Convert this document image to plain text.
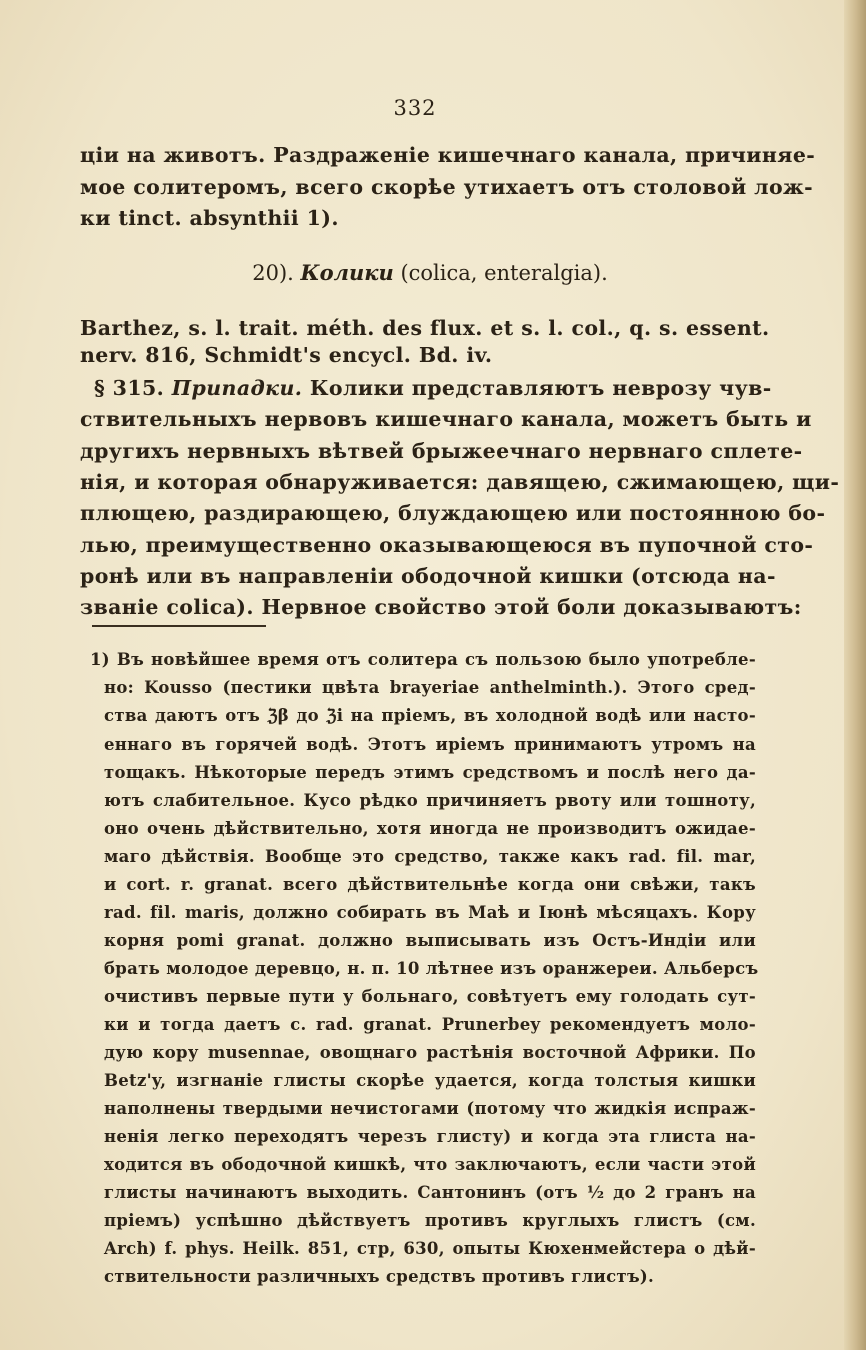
332
ціи на животъ. Раздраженіе кишечнаго канала, причиняе-
мое солитеромъ, всего скорѣе утихаетъ отъ столовой лож-
ки tinct. absynthii 1).
20). Колики (colica, enteralgia).
Barthez, s. l. trait. méth. des flux. et s. l. col., q. s. essent.
nerv. 816, Schmidt's encycl. Bd. iv.
§ 315. Припадки. Колики представляютъ неврозу чув-
ствительныхъ нервовъ кишечнаго канала, можетъ быть и
другихъ нервныхъ вѣтвей брыжеечнаго нервнаго сплете-
нія, и которая обнаруживается: давящею, сжимающею, щи-
плющею, раздирающею, блуждающею или постоянною бо-
лью, преимущественно оказывающеюся въ пупочной сто-
ронѣ или въ направленіи ободочной кишки (отсюда на-
званіе colica). Нервное свойство этой боли доказываютъ:
1) Въ новѣйшее время отъ солитера съ пользою было употребле-
но: Kousso (пестики цвѣта brayeriae anthelminth.). Этого сред-
ства даютъ отъ ℨβ до ℨi на пріемъ, въ холодной водѣ или насто-
еннаго въ горячей водѣ. Этотъ иріемъ принимаютъ утромъ на
тощакъ. Нѣкоторые передъ этимъ средствомъ и послѣ него да-
ютъ слабительное. Кусо рѣдко причиняетъ рвоту или тошноту,
оно очень дѣйствительно, хотя иногда не производитъ ожидае-
маго дѣйствія. Вообще это средство, также какъ rad. fil. mar,
и cort. r. granat. всего дѣйствительнѣе когда они свѣжи, такъ
rad. fil. maris, должно собирать въ Маѣ и Іюнѣ мѣсяцахъ. Кору
корня pomi granat. должно выписывать изъ Остъ-Индіи или
брать молодое деревцо, н. п. 10 лѣтнее изъ оранжереи. Альберсъ
очистивъ первые пути у больнаго, совѣтуетъ ему голодать сут-
ки и тогда даетъ с. rad. granat. Prunerbey рекомендуетъ моло-
дую кору musennae, овощнаго растѣнія восточной Африки. По
Betz'y, изгнаніе глисты скорѣе удается, когда толстыя кишки
наполнены твердыми нечистогами (потому что жидкія испраж-
ненія легко переходятъ черезъ глисту) и когда эта глиста на-
ходится въ ободочной кишкѣ, что заключаютъ, если части этой
глисты начинаютъ выходить. Сантонинъ (отъ ½ до 2 гранъ на
пріемъ) успѣшно дѣйствуетъ противъ круглыхъ глистъ (см.
Arch) f. phys. Heilk. 851, стр, 630, опыты Кюхенмейстера о дѣй-
ствительности различныхъ средствъ противъ глистъ).
